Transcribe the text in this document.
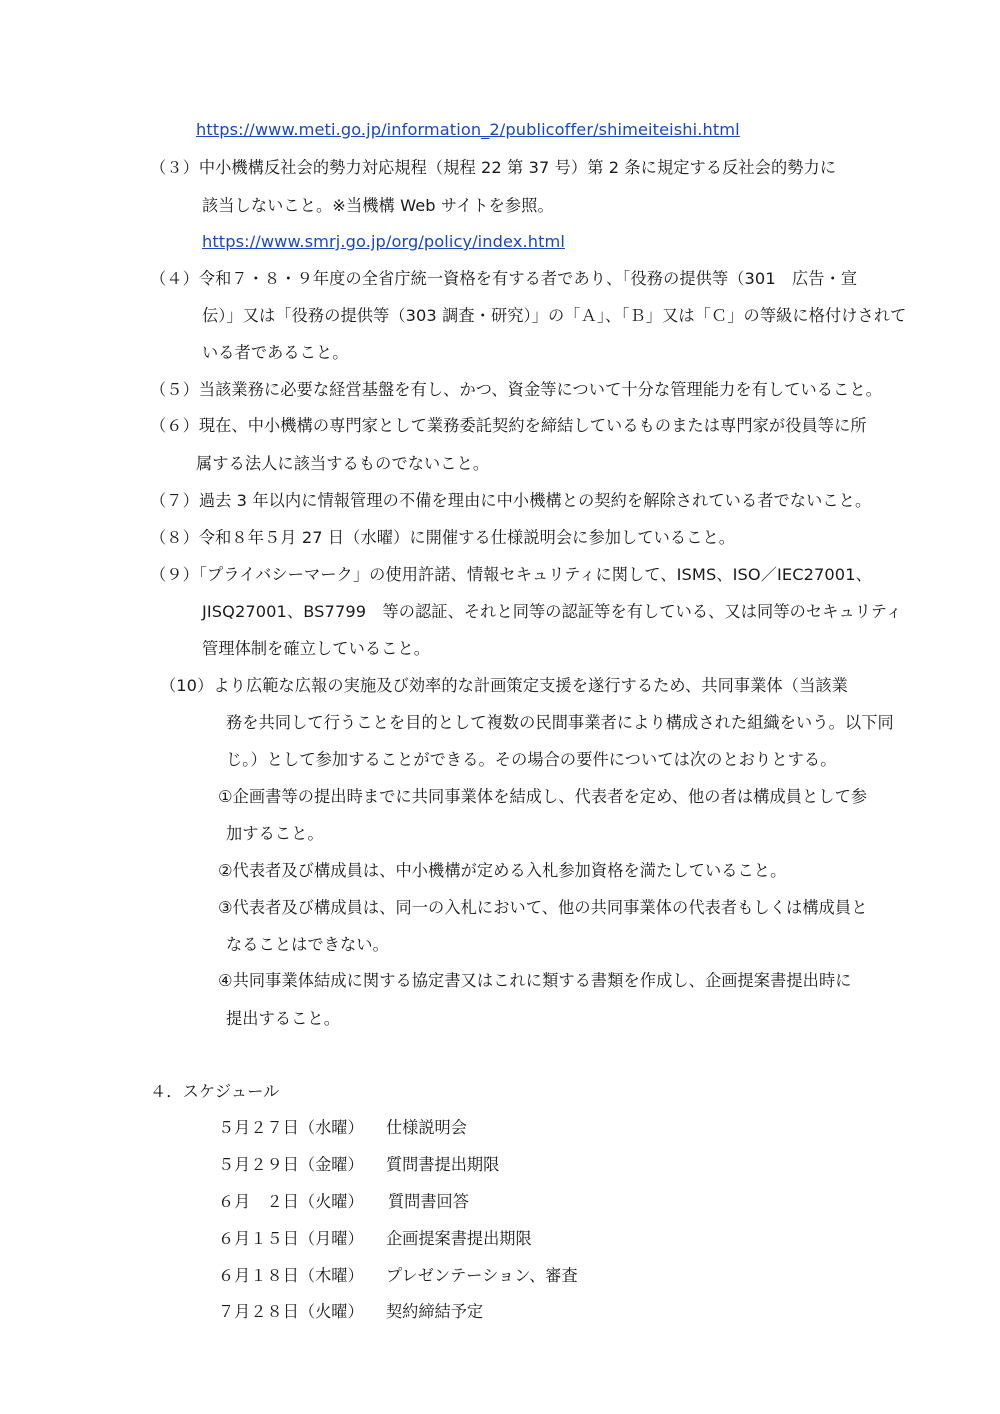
https://www.meti.go.jp/information_2/publicoffer/shimeiteishi.html
（３）中小機構反社会的勢力対応規程（規程 22 第 37 号）第 2 条に規定する反社会的勢力に
該当しないこと。※当機構 Web サイトを参照。
https://www.smrj.go.jp/org/policy/index.html
（４）令和７・８・９年度の全省庁統一資格を有する者であり、「役務の提供等（301　広告・宣
伝）」又は「役務の提供等（303 調査・研究）」の「Ａ」、「Ｂ」又は「Ｃ」の等級に格付けされて
いる者であること。
（５）当該業務に必要な経営基盤を有し、かつ、資金等について十分な管理能力を有していること。
（６）現在、中小機構の専門家として業務委託契約を締結しているものまたは専門家が役員等に所
属する法人に該当するものでないこと。
（７）過去 3 年以内に情報管理の不備を理由に中小機構との契約を解除されている者でないこと。
（８）令和８年５月 27 日（水曜）に開催する仕様説明会に参加していること。
（９）「プライバシーマーク」の使用許諾、情報セキュリティに関して、ISMS、ISO／IEC27001、
JISQ27001、BS7799　等の認証、それと同等の認証等を有している、又は同等のセキュリティ
管理体制を確立していること。
（10）より広範な広報の実施及び効率的な計画策定支援を遂行するため、共同事業体（当該業
務を共同して行うことを目的として複数の民間事業者により構成された組織をいう。以下同
じ。）として参加することができる。その場合の要件については次のとおりとする。
①企画書等の提出時までに共同事業体を結成し、代表者を定め、他の者は構成員として参
加すること。
②代表者及び構成員は、中小機構が定める入札参加資格を満たしていること。
③代表者及び構成員は、同一の入札において、他の共同事業体の代表者もしくは構成員と
なることはできない。
④共同事業体結成に関する協定書又はこれに類する書類を作成し、企画提案書提出時に
提出すること。
４．スケジュール
５月２７日（水曜） 仕様説明会
５月２９日（金曜） 質問書提出期限
６月　２日（火曜） 質問書回答
６月１５日（月曜） 企画提案書提出期限
６月１８日（木曜） プレゼンテーション、審査
７月２８日（火曜） 契約締結予定
